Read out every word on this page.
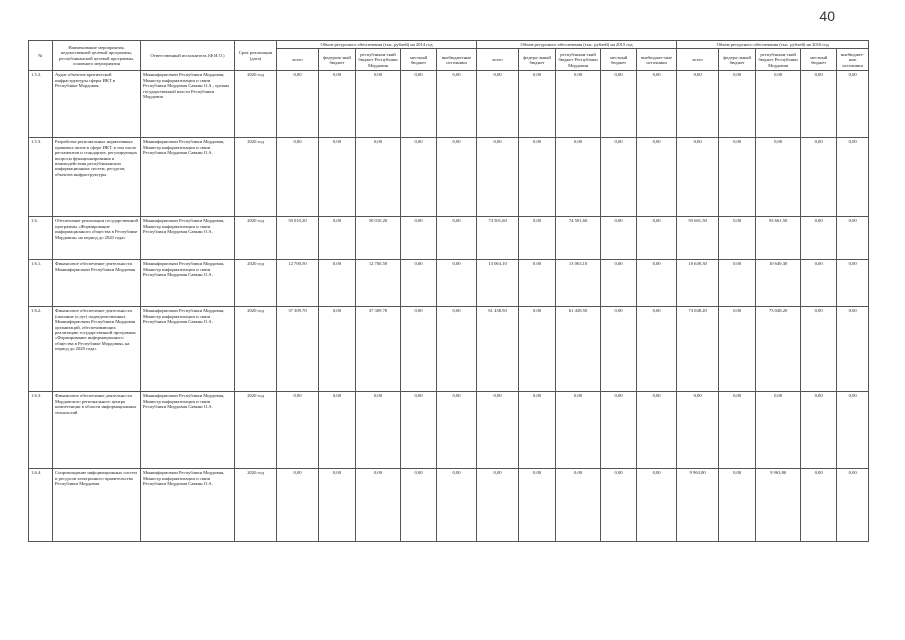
40
№	Наименование мероприятия, ведомственной целевой программы, республиканской целевой программы, основного мероприятия	Ответственный исполнитель (Ф.И.О.)	Срок реализации (дата)	Объем ресурсного обеспечения (тыс. рублей) на 2014 год					Объем ресурсного обеспечения (тыс. рублей) на 2015 год					Объем ресурсного обеспечения (тыс. рублей) на 2016 год				
				всего	федераль-ный бюджет	республикан-ский бюджет Республики Мордовия	местный бюджет	внебюджетные источники	всего	федера-льный бюджет	республикан-ский бюджет Республики Мордовия	местный бюджет	внебюджет-ные источники	всего	федера-льный бюджет	республикан-ский бюджет Республики Мордовия	местный бюджет	внебюджет-ные источники
1.5.2.	Аудит объектов критической инфраструктуры сферы ИКТ в Республике Мордовия	Мининформсвязи Республики Мордовия, Министр информатизации и связи Республики Мордовия Савкин О.А., органы государственной власти Республики Мордовия	2020 год	0,00	0,00	0,00	0,00	0,00	0,00	0,00	0,00	0,00	0,00	0,00	0,00	0,00	0,00	0,00
1.5.3.	Разработка региональных нормативных правовых актов в сфере ИКТ, в том числе регламентов и стандартов, регулирующих вопросы функционирования и взаимодействия республиканских информационных систем, ресурсов, объектов инфраструктуры	Мининформсвязи Республики Мордовия, Министр информатизации и связи Республики Мордовия Савкин О.А.	2020 год	0,00	0,00	0,00	0,00	0,00	0,00	0,00	0,00	0,00	0,00	0,00	0,00	0,00	0,00	0,00
1.6.	Обеспечение реализации государственной программы «Формирование информационного общества в Республике Мордовия» на период до 2020 года»	Мининформсвязи Республики Мордовия, Министр информатизации и связи Республики Мордовия Савкин О.А.	2020 год	50 010,20	0,00	50 010,20	0,00	0,00	74 501,60	0,00	74 501,60	0,00	0,00	93 661,50	0,00	93 661,50	0,00	0,00
1.6.1.	Финансовое обеспечение деятельности Мининформсвязи Республики Мордовия	Мининформсвязи Республики Мордовия, Министр информатизации и связи Республики Мордовия Савкин О.А.	2020 год	12 700,50	0,00	12 700,50	0,00	0,00	13 063,10	0,00	13 063,10	0,00	0,00	10 649,30	0,00	10 649,30	0,00	0,00
1.6.2.	Финансовое обеспечение деятельности (оказание услуг) подведомственных Мининформсвязи Республики Мордовия организаций, обеспечивающих реализацию государственной программы «Формирование информационного общества в Республике Мордовия» на период до 2020 года»	Мининформсвязи Республики Мордовия, Министр информатизации и связи Республики Мордовия Савкин О.А.	2020 год	37 309,70	0,00	37 309,70	0,00	0,00	61 438,50	0,00	61 438,50	0,00	0,00	73 048,20	0,00	73 048,20	0,00	0,00
1.6.3.	Финансовое обеспечение деятельности Мордовского регионального центра компетенции в области информационных технологий	Мининформсвязи Республики Мордовия, Министр информатизации и связи Республики Мордовия Савкин О.А.	2020 год	0,00	0,00	0,00	0,00	0,00	0,00	0,00	0,00	0,00	0,00	0,00	0,00	0,00	0,00	0,00
1.6.4.	Сопровождение информационных систем и ресурсов электронного правительства Республики Мордовия	Мининформсвязи Республики Мордовия, Министр информатизации и связи Республики Мордовия Савкин О.А.	2020 год	0,00	0,00	0,00	0,00	0,00	0,00	0,00	0,00	0,00	0,00	9 963,80	0,00	9 963,80	0,00	0,00
